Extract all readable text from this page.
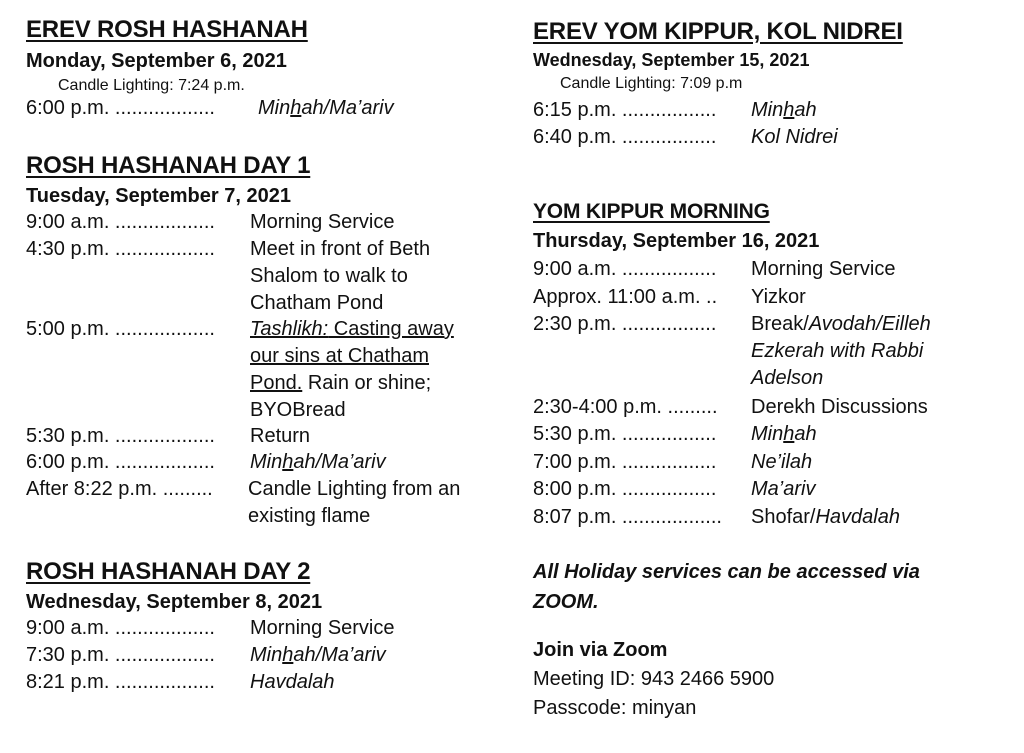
EREV ROSH HASHANAH
Monday, September 6, 2021
Candle Lighting: 7:24 p.m.
6:00 p.m. .................. Minhah/Ma’ariv
ROSH HASHANAH DAY 1
Tuesday, September 7, 2021
9:00 a.m. .................. Morning Service
4:30 p.m. .................. Meet in front of Beth
Shalom to walk to
Chatham Pond
5:00 p.m. .................. Tashlikh: Casting away
our sins at Chatham
Pond. Rain or shine;
BYOBread
5:30 p.m. .................. Return
6:00 p.m. .................. Minhah/Ma’ariv
After 8:22 p.m. ......... Candle Lighting from an
existing flame
ROSH HASHANAH DAY 2
Wednesday, September 8, 2021
9:00 a.m. .................. Morning Service
7:30 p.m. .................. Minhah/Ma’ariv
8:21 p.m. .................. Havdalah
EREV YOM KIPPUR, KOL NIDREI
Wednesday, September 15, 2021
Candle Lighting: 7:09 p.m
6:15 p.m. ................. Minhah
6:40 p.m. ................. Kol Nidrei
YOM KIPPUR MORNING
Thursday, September 16, 2021
9:00 a.m. ................. Morning Service
Approx. 11:00 a.m. .. Yizkor
2:30 p.m. ................. Break/Avodah/Eilleh
Ezkerah with Rabbi
Adelson
2:30-4:00 p.m. ......... Derekh Discussions
5:30 p.m. ................. Minhah
7:00 p.m. ................. Ne’ilah
8:00 p.m. ................. Ma’ariv
8:07 p.m. .................. Shofar/Havdalah
All Holiday services can be accessed via ZOOM.
Join via Zoom
Meeting ID: 943 2466 5900
Passcode: minyan
